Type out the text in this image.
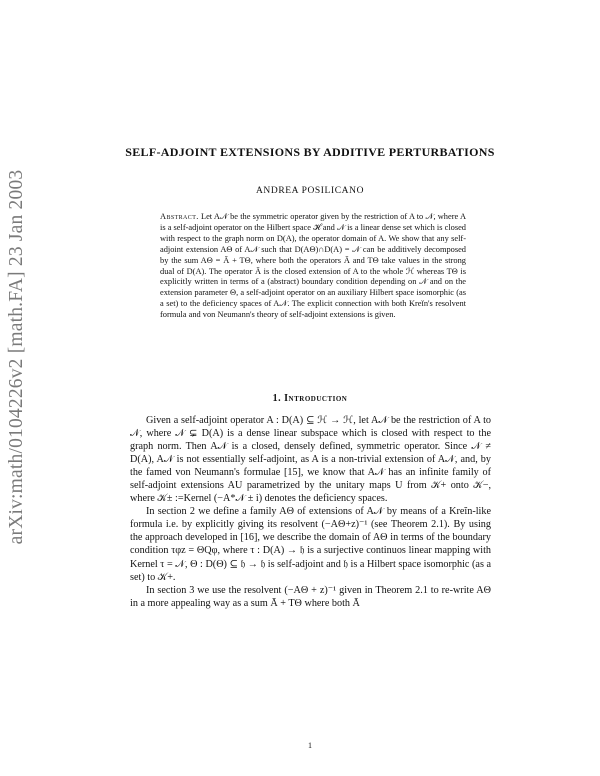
arXiv:math/0104226v2 [math.FA] 23 Jan 2003
SELF-ADJOINT EXTENSIONS BY ADDITIVE PERTURBATIONS
ANDREA POSILICANO

Abstract. Let A𝒩 be the symmetric operator given by the restriction of A to 𝒩, where A is a self-adjoint operator on the Hilbert space ℋ and 𝒩 is a linear dense set which is closed with respect to the graph norm on D(A), the operator domain of A. We show that any self-adjoint extension AΘ of A𝒩 such that D(AΘ)∩D(A) = 𝒩 can be additively decomposed by the sum AΘ = Ā + TΘ, where both the operators Ā and TΘ take values in the strong dual of D(A). The operator Ā is the closed extension of A to the whole ℋ whereas TΘ is explicitly written in terms of a (abstract) boundary condition depending on 𝒩 and on the extension parameter Θ, a self-adjoint operator on an auxiliary Hilbert space isomorphic (as a set) to the deficiency spaces of A𝒩. The explicit connection with both Kreĭn's resolvent formula and von Neumann's theory of self-adjoint extensions is given.

1. Introduction

Given a self-adjoint operator A : D(A) ⊆ ℋ → ℋ, let A𝒩 be the restriction of A to 𝒩, where 𝒩 ⊊ D(A) is a dense linear subspace which is closed with respect to the graph norm. Then A𝒩 is a closed, densely defined, symmetric operator. Since 𝒩 ≠ D(A), A𝒩 is not essentially self-adjoint, as A is a non-trivial extension of A𝒩, and, by the famed von Neumann's formulae [15], we know that A𝒩 has an infinite family of self-adjoint extensions AU parametrized by the unitary maps U from 𝒦+ onto 𝒦−, where 𝒦± :=Kernel (−A*𝒩 ± i) denotes the deficiency spaces.

In section 2 we define a family AΘ of extensions of A𝒩 by means of a Kreĭn-like formula i.e. by explicitly giving its resolvent (−AΘ+z)⁻¹ (see Theorem 2.1). By using the approach developed in [16], we describe the domain of AΘ in terms of the boundary condition τφz = ΘQφ, where τ : D(A) → 𝔥 is a surjective continuos linear mapping with Kernel τ = 𝒩, Θ : D(Θ) ⊆ 𝔥 → 𝔥 is self-adjoint and 𝔥 is a Hilbert space isomorphic (as a set) to 𝒦+.

In section 3 we use the resolvent (−AΘ + z)⁻¹ given in Theorem 2.1 to re-write AΘ in a more appealing way as a sum Ā + TΘ where both Ā

1
